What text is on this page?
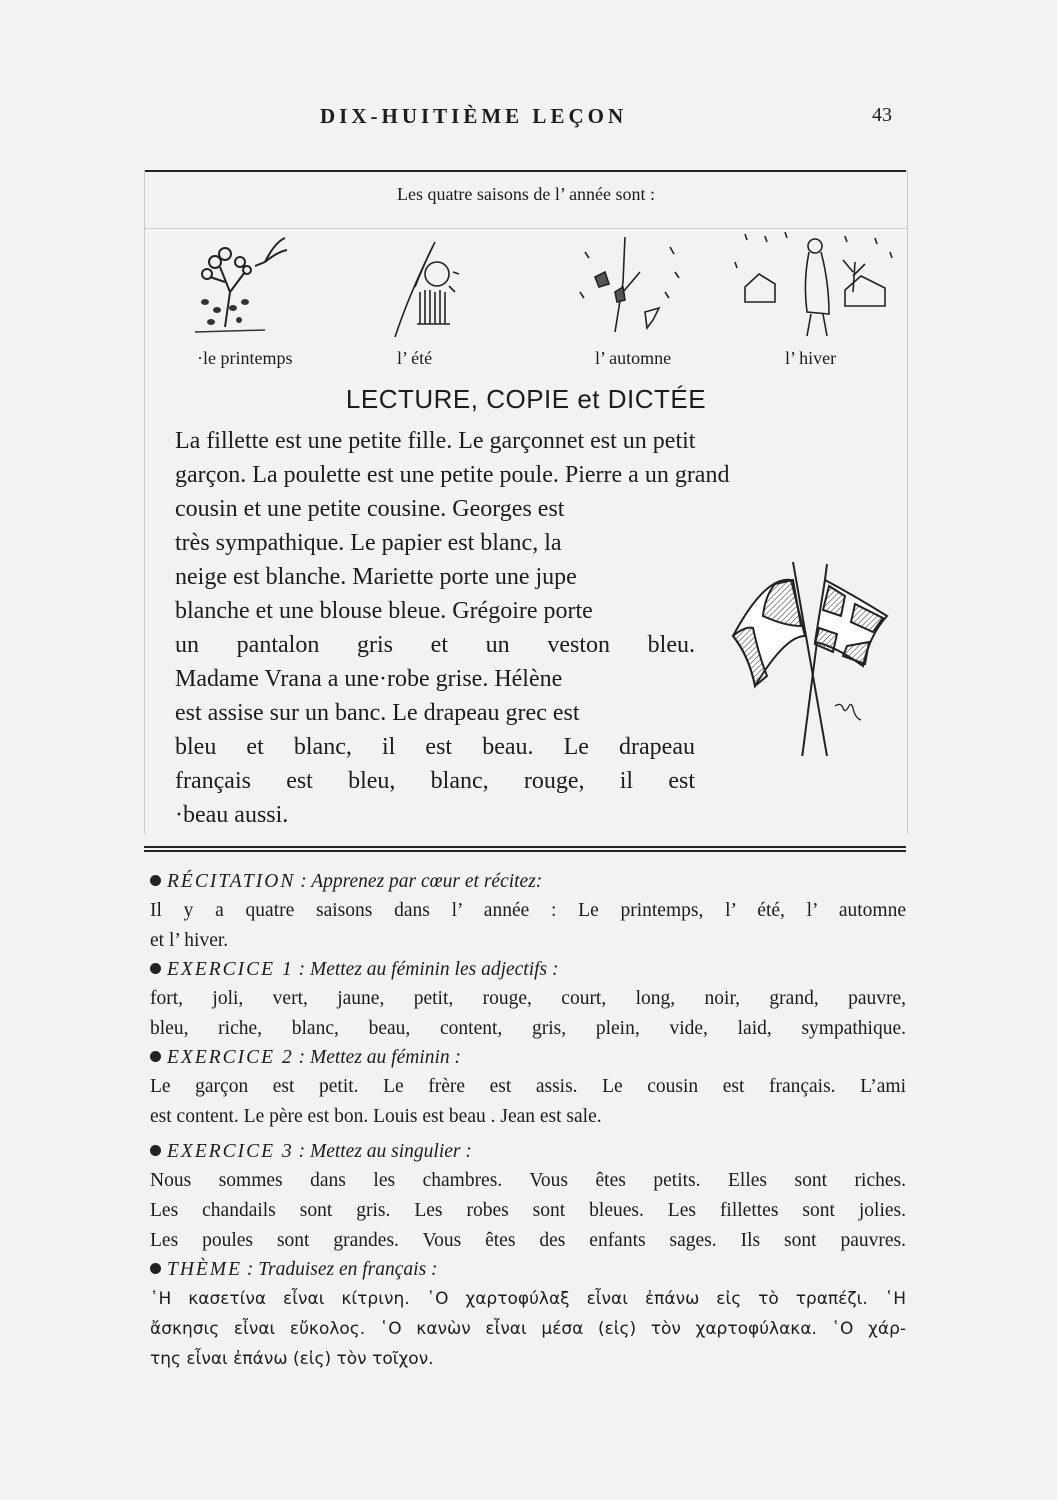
DIX-HUITIÈME LEÇON	43
Les quatre saisons de l’ année sont :
·le printemps	l’ été	l’ automne	l’ hiver
LECTURE, COPIE et DICTÉE
La fillette est une petite fille. Le garçonnet est un petit
garçon. La poulette est une petite poule. Pierre a un grand
cousin et une petite cousine. Georges est
très sympathique. Le papier est blanc, la
neige est blanche. Mariette porte une jupe
blanche et une blouse bleue. Grégoire porte
un pantalon gris et un veston bleu.
Madame Vrana a une·robe grise. Hélène
est assise sur un banc. Le drapeau grec est
bleu et blanc, il est beau. Le drapeau
français est bleu, blanc, rouge, il est
·beau aussi.
RÉCITATION : Apprenez par cœur et récitez:
Il y a quatre saisons dans l’ année : Le printemps, l’ été, l’ automne
et l’ hiver.
EXERCICE 1 : Mettez au féminin les adjectifs :
fort, joli, vert, jaune, petit, rouge, court, long, noir, grand, pauvre,
bleu, riche, blanc, beau, content, gris, plein, vide, laid, sympathique.
EXERCICE 2 : Mettez au féminin :
Le garçon est petit. Le frère est assis. Le cousin est français. L’ami
est content. Le père est bon. Louis est beau . Jean est sale.
EXERCICE 3 : Mettez au singulier :
Nous sommes dans les chambres. Vous êtes petits. Elles sont riches.
Les chandails sont gris. Les robes sont bleues. Les fillettes sont jolies.
Les poules sont grandes. Vous êtes des enfants sages. Ils sont pauvres.
THÈME : Traduisez en français :
῾Η κασετίνα εἶναι κίτρινη. ῾Ο χαρτοφύλαξ εἶναι ἐπάνω εἰς τὸ τραπέζι. ῾Η
ἄσκησις εἶναι εὔκολος. ῾Ο κανὼν εἶναι μέσα (εἰς) τὸν χαρτοφύλακα. ῾Ο χάρ-
της εἶναι ἐπάνω (εἰς) τὸν τοῖχον.
